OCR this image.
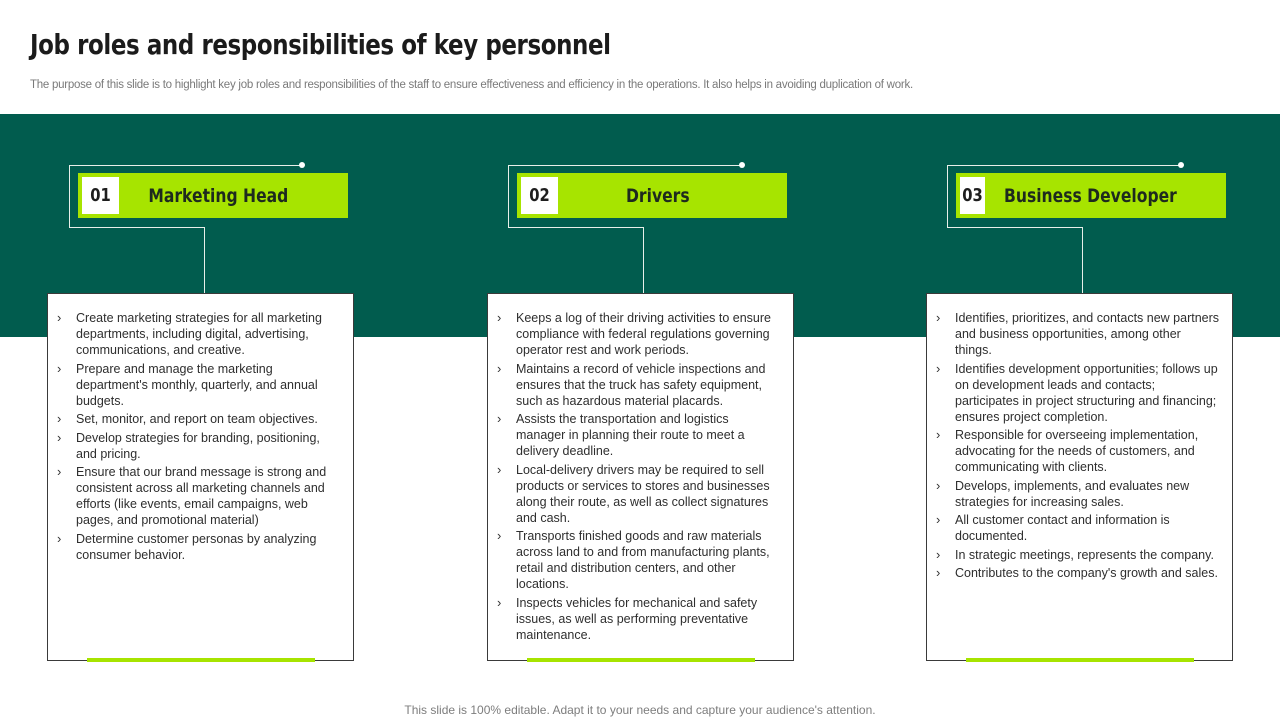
Job roles and responsibilities of key personnel
The purpose of this slide is to highlight key job roles and responsibilities of the staff to ensure effectiveness and efficiency in the operations. It also helps in avoiding duplication of work.
01	Marketing Head
› Create marketing strategies for all marketing departments, including digital, advertising, communications, and creative.
› Prepare and manage the marketing department's monthly, quarterly, and annual budgets.
› Set, monitor, and report on team objectives.
› Develop strategies for branding, positioning, and pricing.
› Ensure that our brand message is strong and consistent across all marketing channels and efforts (like events, email campaigns, web pages, and promotional material)
› Determine customer personas by analyzing consumer behavior.
02	Drivers
› Keeps a log of their driving activities to ensure compliance with federal regulations governing operator rest and work periods.
› Maintains a record of vehicle inspections and ensures that the truck has safety equipment, such as hazardous material placards.
› Assists the transportation and logistics manager in planning their route to meet a delivery deadline.
› Local-delivery drivers may be required to sell products or services to stores and businesses along their route, as well as collect signatures and cash.
› Transports finished goods and raw materials across land to and from manufacturing plants, retail and distribution centers, and other locations.
› Inspects vehicles for mechanical and safety issues, as well as performing preventative maintenance.
03	Business Developer
› Identifies, prioritizes, and contacts new partners and business opportunities, among other things.
› Identifies development opportunities; follows up on development leads and contacts; participates in project structuring and financing; ensures project completion.
› Responsible for overseeing implementation, advocating for the needs of customers, and communicating with clients.
› Develops, implements, and evaluates new strategies for increasing sales.
› All customer contact and information is documented.
› In strategic meetings, represents the company.
› Contributes to the company's growth and sales.
This slide is 100% editable. Adapt it to your needs and capture your audience's attention.
